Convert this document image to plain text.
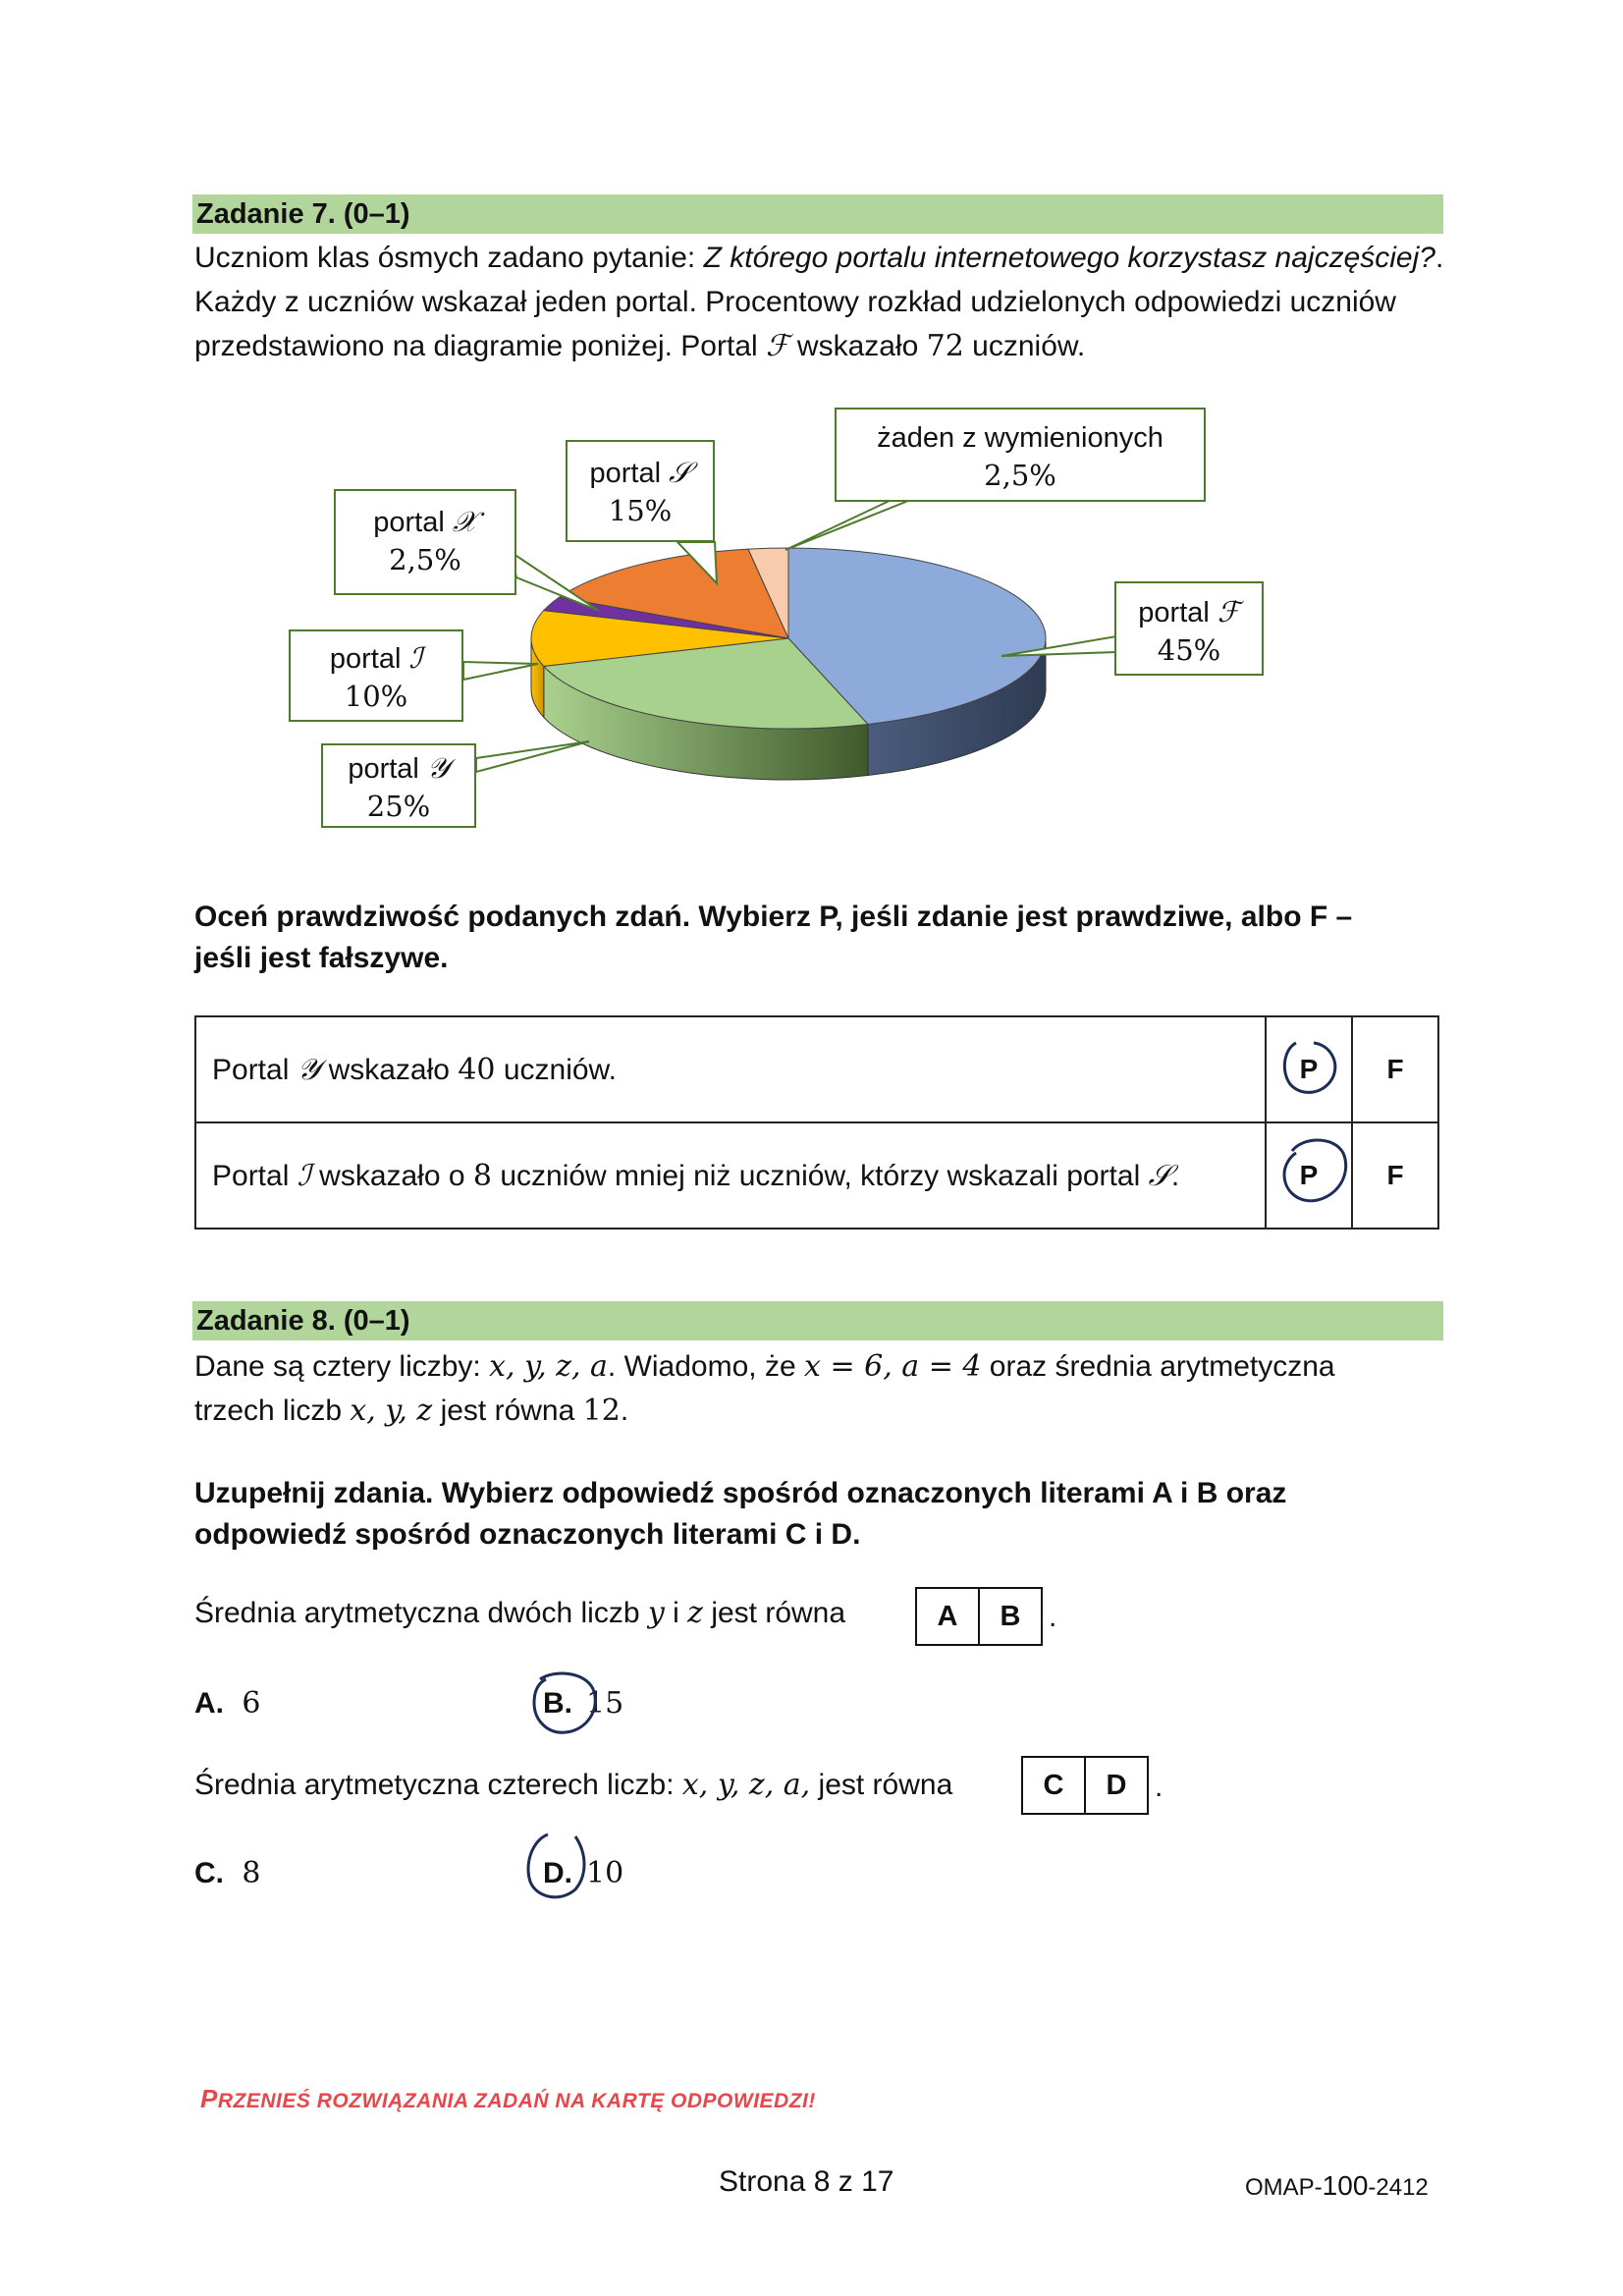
Zadanie 7. (0–1)
Uczniom klas ósmych zadano pytanie: Z którego portalu internetowego korzystasz najczęściej?.
Każdy z uczniów wskazał jeden portal. Procentowy rozkład udzielonych odpowiedzi uczniów
przedstawiono na diagramie poniżej. Portal ℱ wskazało 72 uczniów.
portal 𝒳
2,5%
portal 𝒮
15%
żaden z wymienionych
2,5%
portal ℱ
45%
portal ℐ
10%
portal 𝒴
25%
Oceń prawdziwość podanych zdań. Wybierz P, jeśli zdanie jest prawdziwe, albo F –
jeśli jest fałszywe.
Portal 𝒴 wskazało 40 uczniów.	P	F
Portal ℐ wskazało o 8 uczniów mniej niż uczniów, którzy wskazali portal 𝒮.	P	F
Zadanie 8. (0–1)
Dane są cztery liczby: x, y, z, a. Wiadomo, że x = 6, a = 4 oraz średnia arytmetyczna
trzech liczb x, y, z jest równa 12.
Uzupełnij zdania. Wybierz odpowiedź spośród oznaczonych literami A i B oraz
odpowiedź spośród oznaczonych literami C i D.
Średnia arytmetyczna dwóch liczb y i z jest równa	A	B .
A. 6	B. 15
Średnia arytmetyczna czterech liczb: x, y, z, a, jest równa	C	D .
C. 8	D. 10
PRZENIEŚ ROZWIĄZANIA ZADAŃ NA KARTĘ ODPOWIEDZI!
Strona 8 z 17	OMAP-100-2412
